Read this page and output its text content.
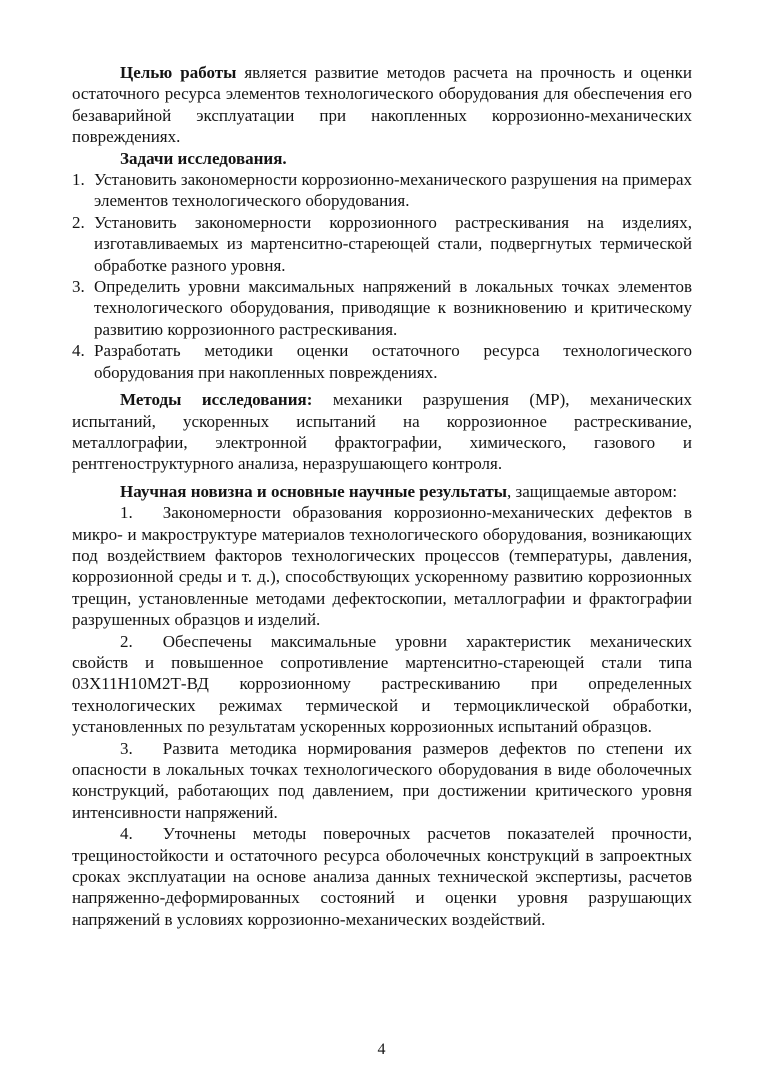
Целью работы является развитие методов расчета на прочность и оценки остаточного ресурса элементов технологического оборудования для обеспечения его безаварийной эксплуатации при накопленных коррозионно-механических повреждениях.

Задачи исследования.

1. Установить закономерности коррозионно-механического разрушения на примерах элементов технологического оборудования.
2. Установить закономерности коррозионного растрескивания на изделиях, изготавливаемых из мартенситно-стареющей стали, подвергнутых термической обработке разного уровня.
3. Определить уровни максимальных напряжений в локальных точках элементов технологического оборудования, приводящие к возникновению и критическому развитию коррозионного растрескивания.
4. Разработать методики оценки остаточного ресурса технологического оборудования при накопленных повреждениях.

Методы исследования: механики разрушения (МР), механических испытаний, ускоренных испытаний на коррозионное растрескивание, металлографии, электронной фрактографии, химического, газового и рентгеноструктурного анализа, неразрушающего контроля.

Научная новизна и основные научные результаты, защищаемые автором:

1. Закономерности образования коррозионно-механических дефектов в микро- и макроструктуре материалов технологического оборудования, возникающих под воздействием факторов технологических процессов (температуры, давления, коррозионной среды и т. д.), способствующих ускоренному развитию коррозионных трещин, установленные методами дефектоскопии, металлографии и фрактографии разрушенных образцов и изделий.

2. Обеспечены максимальные уровни характеристик механических свойств и повышенное сопротивление мартенситно-стареющей стали типа 03Х11Н10М2Т-ВД коррозионному растрескиванию при определенных технологических режимах термической и термоциклической обработки, установленных по результатам ускоренных коррозионных испытаний образцов.

3. Развита методика нормирования размеров дефектов по степени их опасности в локальных точках технологического оборудования в виде оболочечных конструкций, работающих под давлением, при достижении критического уровня интенсивности напряжений.

4. Уточнены методы поверочных расчетов показателей прочности, трещиностойкости и остаточного ресурса оболочечных конструкций в запроектных сроках эксплуатации на основе анализа данных технической экспертизы, расчетов напряженно-деформированных состояний и оценки уровня разрушающих напряжений в условиях коррозионно-механических воздействий.

4
